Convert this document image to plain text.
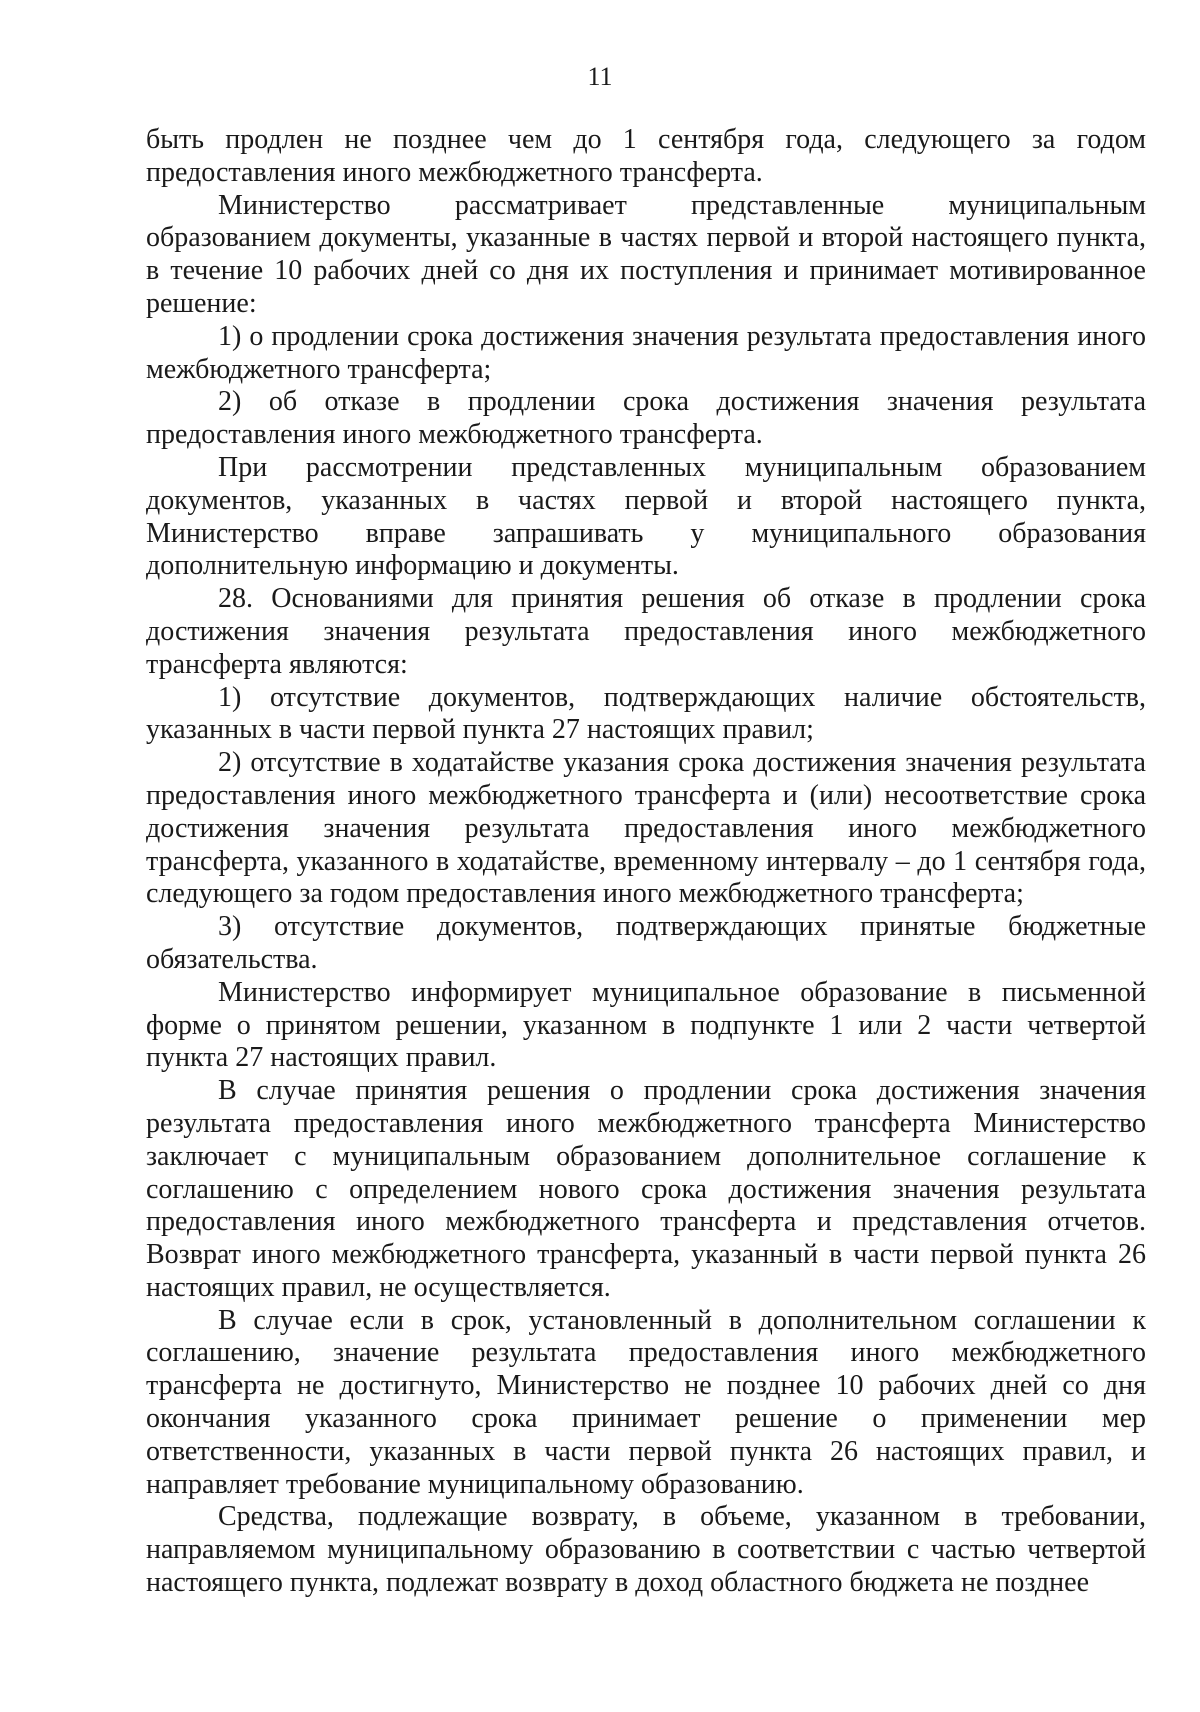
11

быть продлен не позднее чем до 1 сентября года, следующего за годом предоставления иного межбюджетного трансферта.

Министерство рассматривает представленные муниципальным образованием документы, указанные в частях первой и второй настоящего пункта, в течение 10 рабочих дней со дня их поступления и принимает мотивированное решение:

1) о продлении срока достижения значения результата предоставления иного межбюджетного трансферта;

2) об отказе в продлении срока достижения значения результата предоставления иного межбюджетного трансферта.

При рассмотрении представленных муниципальным образованием документов, указанных в частях первой и второй настоящего пункта, Министерство вправе запрашивать у муниципального образования дополнительную информацию и документы.

28. Основаниями для принятия решения об отказе в продлении срока достижения значения результата предоставления иного межбюджетного трансферта являются:

1) отсутствие документов, подтверждающих наличие обстоятельств, указанных в части первой пункта 27 настоящих правил;

2) отсутствие в ходатайстве указания срока достижения значения результата предоставления иного межбюджетного трансферта и (или) несоответствие срока достижения значения результата предоставления иного межбюджетного трансферта, указанного в ходатайстве, временному интервалу – до 1 сентября года, следующего за годом предоставления иного межбюджетного трансферта;

3) отсутствие документов, подтверждающих принятые бюджетные обязательства.

Министерство информирует муниципальное образование в письменной форме о принятом решении, указанном в подпункте 1 или 2 части четвертой пункта 27 настоящих правил.

В случае принятия решения о продлении срока достижения значения результата предоставления иного межбюджетного трансферта Министерство заключает с муниципальным образованием дополнительное соглашение к соглашению с определением нового срока достижения значения результата предоставления иного межбюджетного трансферта и представления отчетов. Возврат иного межбюджетного трансферта, указанный в части первой пункта 26 настоящих правил, не осуществляется.

В случае если в срок, установленный в дополнительном соглашении к соглашению, значение результата предоставления иного межбюджетного трансферта не достигнуто, Министерство не позднее 10 рабочих дней со дня окончания указанного срока принимает решение о применении мер ответственности, указанных в части первой пункта 26 настоящих правил, и направляет требование муниципальному образованию.

Средства, подлежащие возврату, в объеме, указанном в требовании, направляемом муниципальному образованию в соответствии с частью четвертой настоящего пункта, подлежат возврату в доход областного бюджета не позднее
